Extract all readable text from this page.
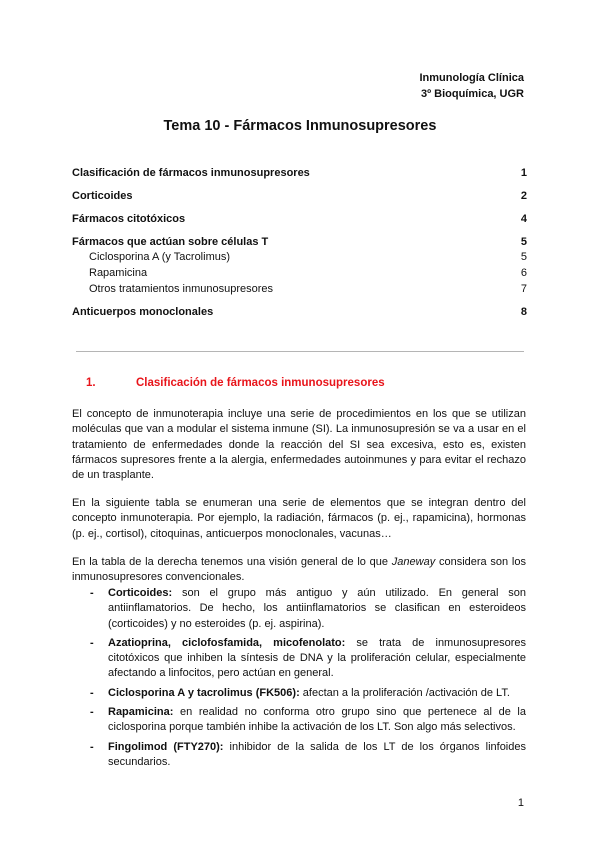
Inmunología Clínica
3º Bioquímica, UGR
Tema 10 - Fármacos Inmunosupresores
Clasificación de fármacos inmunosupresores	1
Corticoides	2
Fármacos citotóxicos	4
Fármacos que actúan sobre células T	5
Ciclosporina A (y Tacrolimus)	5
Rapamicina	6
Otros tratamientos inmunosupresores	7
Anticuerpos monoclonales	8
1.	Clasificación de fármacos inmunosupresores

El concepto de inmunoterapia incluye una serie de procedimientos en los que se utilizan moléculas que van a modular el sistema inmune (SI). La inmunosupresión se va a usar en el tratamiento de enfermedades donde la reacción del SI sea excesiva, esto es, existen fármacos supresores frente a la alergia, enfermedades autoinmunes y para evitar el rechazo de un trasplante.

En la siguiente tabla se enumeran una serie de elementos que se integran dentro del concepto inmunoterapia. Por ejemplo, la radiación, fármacos (p. ej., rapamicina), hormonas (p. ej., cortisol), citoquinas, anticuerpos monoclonales, vacunas…

En la tabla de la derecha tenemos una visión general de lo que Janeway considera son los inmunosupresores convencionales.

- Corticoides: son el grupo más antiguo y aún utilizado. En general son antiinflamatorios. De hecho, los antiinflamatorios se clasifican en esteroideos (corticoides) y no esteroides (p. ej. aspirina).
- Azatioprina, ciclofosfamida, micofenolato: se trata de inmunosupresores citotóxicos que inhiben la síntesis de DNA y la proliferación celular, especialmente afectando a linfocitos, pero actúan en general.
- Ciclosporina A y tacrolimus (FK506): afectan a la proliferación /activación de LT.
- Rapamicina: en realidad no conforma otro grupo sino que pertenece al de la ciclosporina porque también inhibe la activación de los LT. Son algo más selectivos.
- Fingolimod (FTY270): inhibidor de la salida de los LT de los órganos linfoides secundarios.
1
